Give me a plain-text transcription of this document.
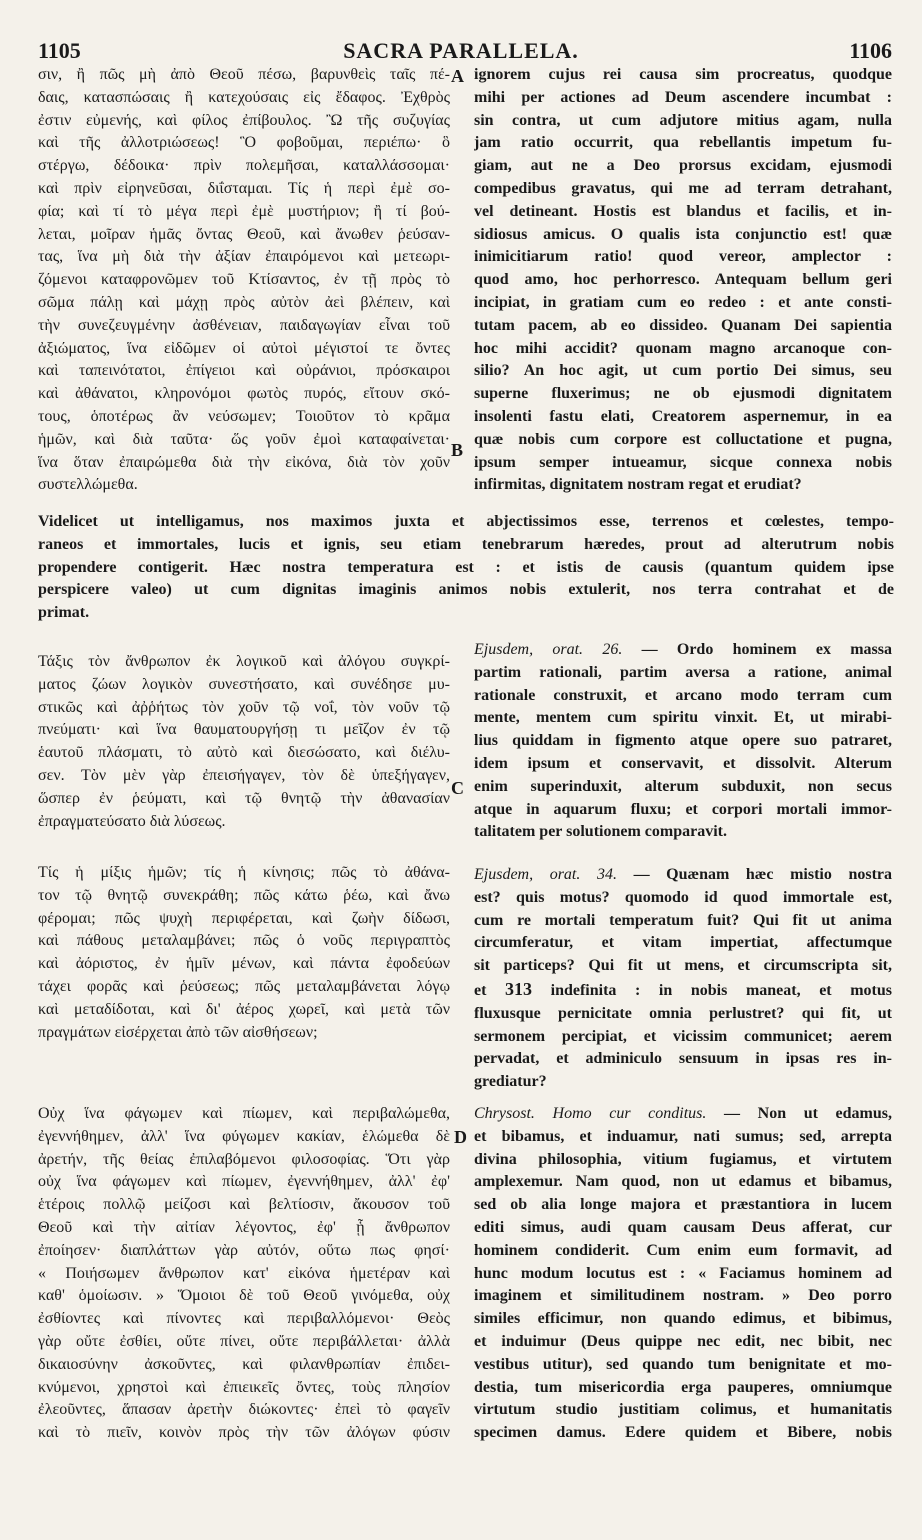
1105	SACRA PARALLELA.	1106
A
B
C
D
σιν, ἢ πῶς μὴ ἀπὸ Θεοῦ πέσω, βαρυνθεὶς ταῖς πέ-
δαις, κατασπώσαις ἢ κατεχούσαις εἰς ἔδαφος. Ἐχθρὸς
ἐστιν εὐμενής, καὶ φίλος ἐπίβουλος. Ὢ τῆς συζυγίας
καὶ τῆς ἀλλοτριώσεως! Ὃ φοβοῦμαι, περιέπω· ὃ
στέργω, δέδοικα· πρὶν πολεμῆσαι, καταλλάσσομαι·
καὶ πρὶν εἰρηνεῦσαι, διΐσταμαι. Τίς ἡ περὶ ἐμὲ σο-
φία; καὶ τί τὸ μέγα περὶ ἐμὲ μυστήριον; ἢ τί βού-
λεται, μοῖραν ἡμᾶς ὄντας Θεοῦ, καὶ ἄνωθεν ῥεύσαν-
τας, ἵνα μὴ διὰ τὴν ἀξίαν ἐπαιρόμενοι καὶ μετεωρι-
ζόμενοι καταφρονῶμεν τοῦ Κτίσαντος, ἐν τῇ πρὸς τὸ
σῶμα πάλῃ καὶ μάχῃ πρὸς αὐτὸν ἀεὶ βλέπειν, καὶ
τὴν συνεζευγμένην ἀσθένειαν, παιδαγωγίαν εἶναι τοῦ
ἀξιώματος, ἵνα εἰδῶμεν οἱ αὐτοὶ μέγιστοί τε ὄντες
καὶ ταπεινότατοι, ἐπίγειοι καὶ οὐράνιοι, πρόσκαιροι
καὶ ἀθάνατοι, κληρονόμοι φωτὸς πυρός, εἴτουν σκό-
τους, ὁποτέρως ἂν νεύσωμεν; Τοιοῦτον τὸ κρᾶμα
ἡμῶν, καὶ διὰ ταῦτα· ὥς γοῦν ἐμοὶ καταφαίνεται·
ἵνα ὅταν ἐπαιρώμεθα διὰ τὴν εἰκόνα, διὰ τὸν χοῦν
συστελλώμεθα.
ignorem cujus rei causa sim procreatus, quodque
mihi per actiones ad Deum ascendere incumbat :
sin contra, ut cum adjutore mitius agam, nulla
jam ratio occurrit, qua rebellantis impetum fu-
giam, aut ne a Deo prorsus excidam, ejusmodi
compedibus gravatus, qui me ad terram detrahant,
vel detineant. Hostis est blandus et facilis, et in-
sidiosus amicus. O qualis ista conjunctio est! quæ
inimicitiarum ratio! quod vereor, amplector :
quod amo, hoc perhorresco. Antequam bellum geri
incipiat, in gratiam cum eo redeo : et ante consti-
tutam pacem, ab eo dissideo. Quanam Dei sapientia
hoc mihi accidit? quonam magno arcanoque con-
silio? An hoc agit, ut cum portio Dei simus, seu
superne fluxerimus; ne ob ejusmodi dignitatem
insolenti fastu elati, Creatorem aspernemur, in ea
quæ nobis cum corpore est colluctatione et pugna,
ipsum semper intueamur, sicque connexa nobis
infirmitas, dignitatem nostram regat et erudiat?
Videlicet ut intelligamus, nos maximos juxta et abjectissimos esse, terrenos et cœlestes, tempo-
raneos et immortales, lucis et ignis, seu etiam tenebrarum hæredes, prout ad alterutrum nobis
propendere contigerit. Hæc nostra temperatura est : et istis de causis (quantum quidem ipse
perspicere valeo) ut cum dignitas imaginis animos nobis extulerit, nos terra contrahat et de
primat.
Τάξις τὸν ἄνθρωπον ἐκ λογικοῦ καὶ ἀλόγου συγκρί-
ματος ζώων λογικὸν συνεστήσατο, καὶ συνέδησε μυ-
στικῶς καὶ ἀῤῥήτως τὸν χοῦν τῷ νοΐ, τὸν νοῦν τῷ
πνεύματι· καὶ ἵνα θαυματουργήσῃ τι μεῖζον ἐν τῷ
ἑαυτοῦ πλάσματι, τὸ αὐτὸ καὶ διεσώσατο, καὶ διέλυ-
σεν. Τὸν μὲν γὰρ ἐπεισήγαγεν, τὸν δὲ ὑπεξήγαγεν,
ὥσπερ ἐν ῥεύματι, καὶ τῷ θνητῷ τὴν ἀθανασίαν
ἐπραγματεύσατο διὰ λύσεως.
Ejusdem, orat. 26. — Ordo hominem ex massa
partim rationali, partim aversa a ratione, animal
rationale construxit, et arcano modo terram cum
mente, mentem cum spiritu vinxit. Et, ut mirabi-
lius quiddam in figmento atque opere suo patraret,
idem ipsum et conservavit, et dissolvit. Alterum
enim superinduxit, alterum subduxit, non secus
atque in aquarum fluxu; et corpori mortali immor-
talitatem per solutionem comparavit.
Τίς ἡ μίξις ἡμῶν; τίς ἡ κίνησις; πῶς τὸ ἀθάνα-
τον τῷ θνητῷ συνεκράθη; πῶς κάτω ῥέω, καὶ ἄνω
φέρομαι; πῶς ψυχὴ περιφέρεται, καὶ ζωὴν δίδωσι,
καὶ πάθους μεταλαμβάνει; πῶς ὁ νοῦς περιγραπτὸς
καὶ ἀόριστος, ἐν ἡμῖν μένων, καὶ πάντα ἐφοδεύων
τάχει φορᾶς καὶ ῥεύσεως; πῶς μεταλαμβάνεται λόγῳ
καὶ μεταδίδοται, καὶ δι' ἀέρος χωρεῖ, καὶ μετὰ τῶν
πραγμάτων εἰσέρχεται ἀπὸ τῶν αἰσθήσεων;
Ejusdem, orat. 34. — Quænam hæc mistio nostra
est? quis motus? quomodo id quod immortale est,
cum re mortali temperatum fuit? Qui fit ut anima
circumferatur, et vitam impertiat, affectumque
sit particeps? Qui fit ut mens, et circumscripta sit,
et 313 indefinita : in nobis maneat, et motus
fluxusque pernicitate omnia perlustret? qui fit, ut
sermonem percipiat, et vicissim communicet; aerem
pervadat, et adminiculo sensuum in ipsas res in-
grediatur?
Οὐχ ἵνα φάγωμεν καὶ πίωμεν, καὶ περιβαλώμεθα,
ἐγεννήθημεν, ἀλλ' ἵνα φύγωμεν κακίαν, ἑλώμεθα δὲ
ἀρετήν, τῆς θείας ἐπιλαβόμενοι φιλοσοφίας. Ὅτι γὰρ
οὐχ ἵνα φάγωμεν καὶ πίωμεν, ἐγεννήθημεν, ἀλλ' ἐφ'
ἑτέροις πολλῷ μείζοσι καὶ βελτίοσιν, ἄκουσον τοῦ
Θεοῦ καὶ τὴν αἰτίαν λέγοντος, ἐφ' ᾗ ἄνθρωπον
ἐποίησεν· διαπλάττων γὰρ αὐτόν, οὕτω πως φησί·
« Ποιήσωμεν ἄνθρωπον κατ' εἰκόνα ἡμετέραν καὶ
καθ' ὁμοίωσιν. » Ὅμοιοι δὲ τοῦ Θεοῦ γινόμεθα, οὐχ
ἐσθίοντες καὶ πίνοντες καὶ περιβαλλόμενοι· Θεὸς
γὰρ οὔτε ἐσθίει, οὔτε πίνει, οὔτε περιβάλλεται· ἀλλὰ
δικαιοσύνην ἀσκοῦντες, καὶ φιλανθρωπίαν ἐπιδει-
κνύμενοι, χρηστοὶ καὶ ἐπιεικεῖς ὄντες, τοὺς πλησίον
ἐλεοῦντες, ἅπασαν ἀρετὴν διώκοντες· ἐπεὶ τὸ φαγεῖν
καὶ τὸ πιεῖν, κοινὸν πρὸς τὴν τῶν ἀλόγων φύσιν
Chrysost. Homo cur conditus. — Non ut edamus,
et bibamus, et induamur, nati sumus; sed, arrepta
divina philosophia, vitium fugiamus, et virtutem
amplexemur. Nam quod, non ut edamus et bibamus,
sed ob alia longe majora et præstantiora in lucem
editi simus, audi quam causam Deus afferat, cur
hominem condiderit. Cum enim eum formavit, ad
hunc modum locutus est : « Faciamus hominem ad
imaginem et similitudinem nostram. » Deo porro
similes efficimur, non quando edimus, et bibimus,
et induimur (Deus quippe nec edit, nec bibit, nec
vestibus utitur), sed quando tum benignitate et mo-
destia, tum misericordia erga pauperes, omniumque
virtutum studio justitiam colimus, et humanitatis
specimen damus. Edere quidem et Bibere, nobis
